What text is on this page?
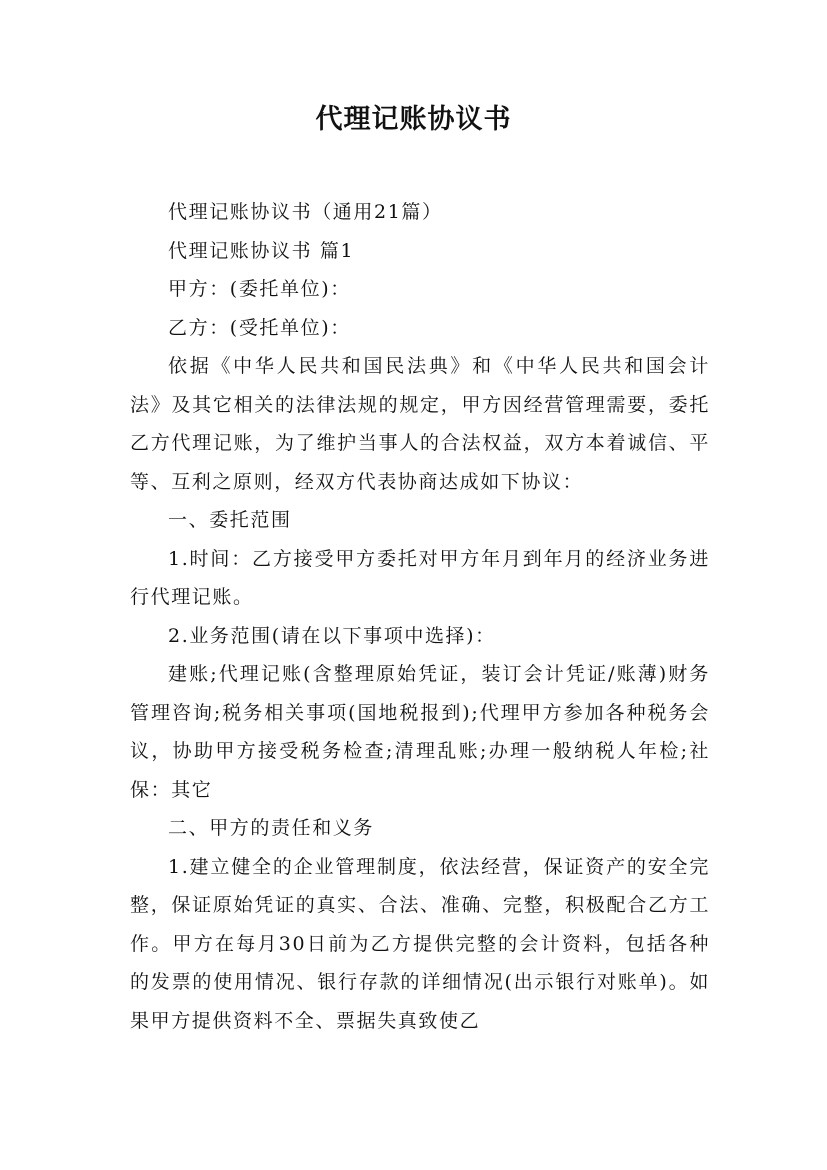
代理记账协议书

代理记账协议书（通用21篇）

代理记账协议书 篇1

甲方：(委托单位)：

乙方：(受托单位)：

依据《中华人民共和国民法典》和《中华人民共和国会计法》及其它相关的法律法规的规定，甲方因经营管理需要，委托乙方代理记账，为了维护当事人的合法权益，双方本着诚信、平等、互利之原则，经双方代表协商达成如下协议：

一、委托范围

1.时间：乙方接受甲方委托对甲方年月到年月的经济业务进行代理记账。

2.业务范围(请在以下事项中选择)：

建账;代理记账(含整理原始凭证，装订会计凭证/账薄)财务管理咨询;税务相关事项(国地税报到);代理甲方参加各种税务会议，协助甲方接受税务检查;清理乱账;办理一般纳税人年检;社保：其它

二、甲方的责任和义务

1.建立健全的企业管理制度，依法经营，保证资产的安全完整，保证原始凭证的真实、合法、准确、完整，积极配合乙方工作。甲方在每月30日前为乙方提供完整的会计资料，包括各种的发票的使用情况、银行存款的详细情况(出示银行对账单)。如果甲方提供资料不全、票据失真致使乙
